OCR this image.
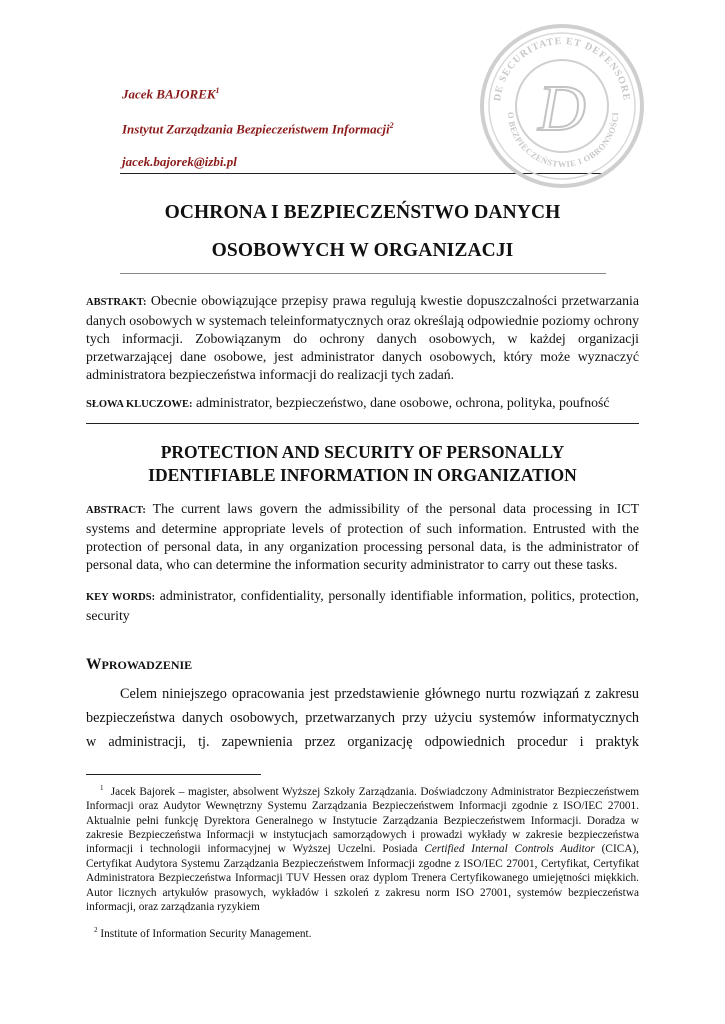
Jacek BAJOREK$^1$
Instytut Zarządzania Bezpieczeństwem Informacji$^2$
jacek.bajorek@izbi.pl
DE SECURITATE ET DEFENSORE
O BEZPIECZEŃSTWIE I OBRONNOŚCI
D
OCHRONA I BEZPIECZEŃSTWO DANYCH
OSOBOWYCH W ORGANIZACJI
ABSTRAKT: Obecnie obowiązujące przepisy prawa regulują kwestie dopuszczalności przetwarzania danych osobowych w systemach teleinformatycznych oraz określają odpowiednie poziomy ochrony tych informacji. Zobowiązanym do ochrony danych osobowych, w każdej organizacji przetwarzającej dane osobowe, jest administrator danych osobowych, który może wyznaczyć administratora bezpieczeństwa informacji do realizacji tych zadań.
SŁOWA KLUCZOWE: administrator, bezpieczeństwo, dane osobowe, ochrona, polityka, poufność
PROTECTION AND SECURITY OF PERSONALLY
IDENTIFIABLE INFORMATION IN ORGANIZATION
ABSTRACT: The current laws govern the admissibility of the personal data processing in ICT systems and determine appropriate levels of protection of such information. Entrusted with the protection of personal data, in any organization processing personal data, is the administrator of personal data, who can determine the information security administrator to carry out these tasks.
KEY WORDS: administrator, confidentiality, personally identifiable information, politics, protection, security
WPROWADZENIE
Celem niniejszego opracowania jest przedstawienie głównego nurtu rozwiązań z zakresu
bezpieczeństwa danych osobowych, przetwarzanych przy użyciu systemów informatycznych
w administracji, tj. zapewnienia przez organizację odpowiednich procedur i praktyk
$^1$ Jacek Bajorek – magister, absolwent Wyższej Szkoły Zarządzania. Doświadczony Administrator Bezpieczeństwem Informacji oraz Audytor Wewnętrzny Systemu Zarządzania Bezpieczeństwem Informacji zgodnie z ISO/IEC 27001. Aktualnie pełni funkcję Dyrektora Generalnego w Instytucie Zarządzania Bezpieczeństwem Informacji. Doradza w zakresie Bezpieczeństwa Informacji w instytucjach samorządowych i prowadzi wykłady w zakresie bezpieczeństwa informacji i technologii informacyjnej w Wyższej Uczelni. Posiada Certified Internal Controls Auditor (CICA), Certyfikat Audytora Systemu Zarządzania Bezpieczeństwem Informacji zgodne z ISO/IEC 27001, Certyfikat, Certyfikat Administratora Bezpieczeństwa Informacji TUV Hessen oraz dyplom Trenera Certyfikowanego umiejętności miękkich. Autor licznych artykułów prasowych, wykładów i szkoleń z zakresu norm ISO 27001, systemów bezpieczeństwa informacji, oraz zarządzania ryzykiem
$^2$ Institute of Information Security Management.
